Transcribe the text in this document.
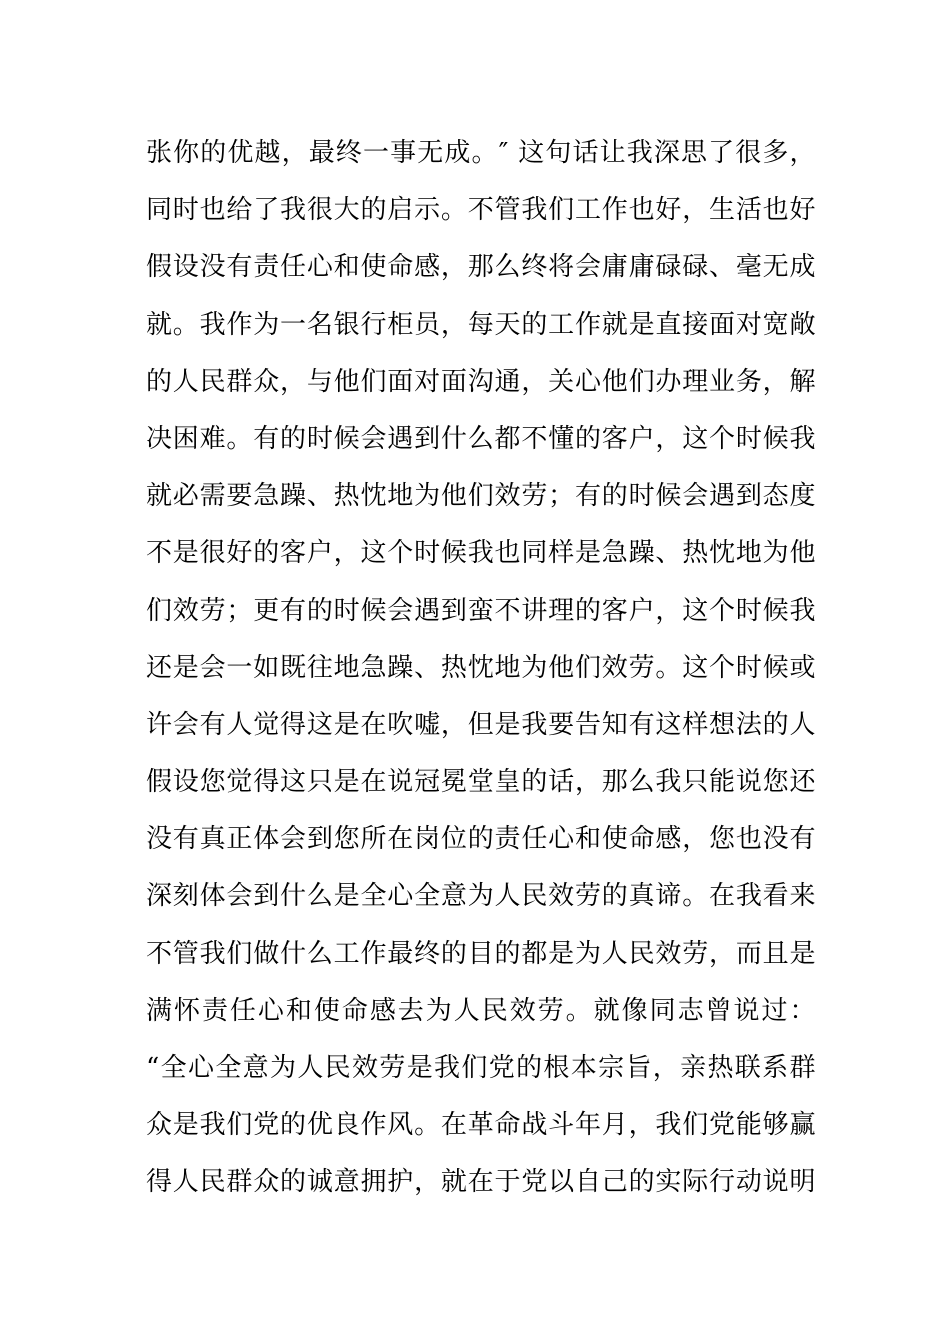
张你的优越，最终一事无成。″ 这句话让我深思了很多，
同时也给了我很大的启示。不管我们工作也好，生活也好
假设没有责任心和使命感，那么终将会庸庸碌碌、毫无成
就。我作为一名银行柜员，每天的工作就是直接面对宽敞
的人民群众，与他们面对面沟通，关心他们办理业务，解
决困难。有的时候会遇到什么都不懂的客户，这个时候我
就必需要急躁、热忱地为他们效劳；有的时候会遇到态度
不是很好的客户，这个时候我也同样是急躁、热忱地为他
们效劳；更有的时候会遇到蛮不讲理的客户，这个时候我
还是会一如既往地急躁、热忱地为他们效劳。这个时候或
许会有人觉得这是在吹嘘，但是我要告知有这样想法的人
假设您觉得这只是在说冠冕堂皇的话，那么我只能说您还
没有真正体会到您所在岗位的责任心和使命感，您也没有
深刻体会到什么是全心全意为人民效劳的真谛。在我看来
不管我们做什么工作最终的目的都是为人民效劳，而且是
满怀责任心和使命感去为人民效劳。就像同志曾说过：
“全心全意为人民效劳是我们党的根本宗旨，亲热联系群
众是我们党的优良作风。在革命战斗年月，我们党能够赢
得人民群众的诚意拥护，就在于党以自己的实际行动说明
